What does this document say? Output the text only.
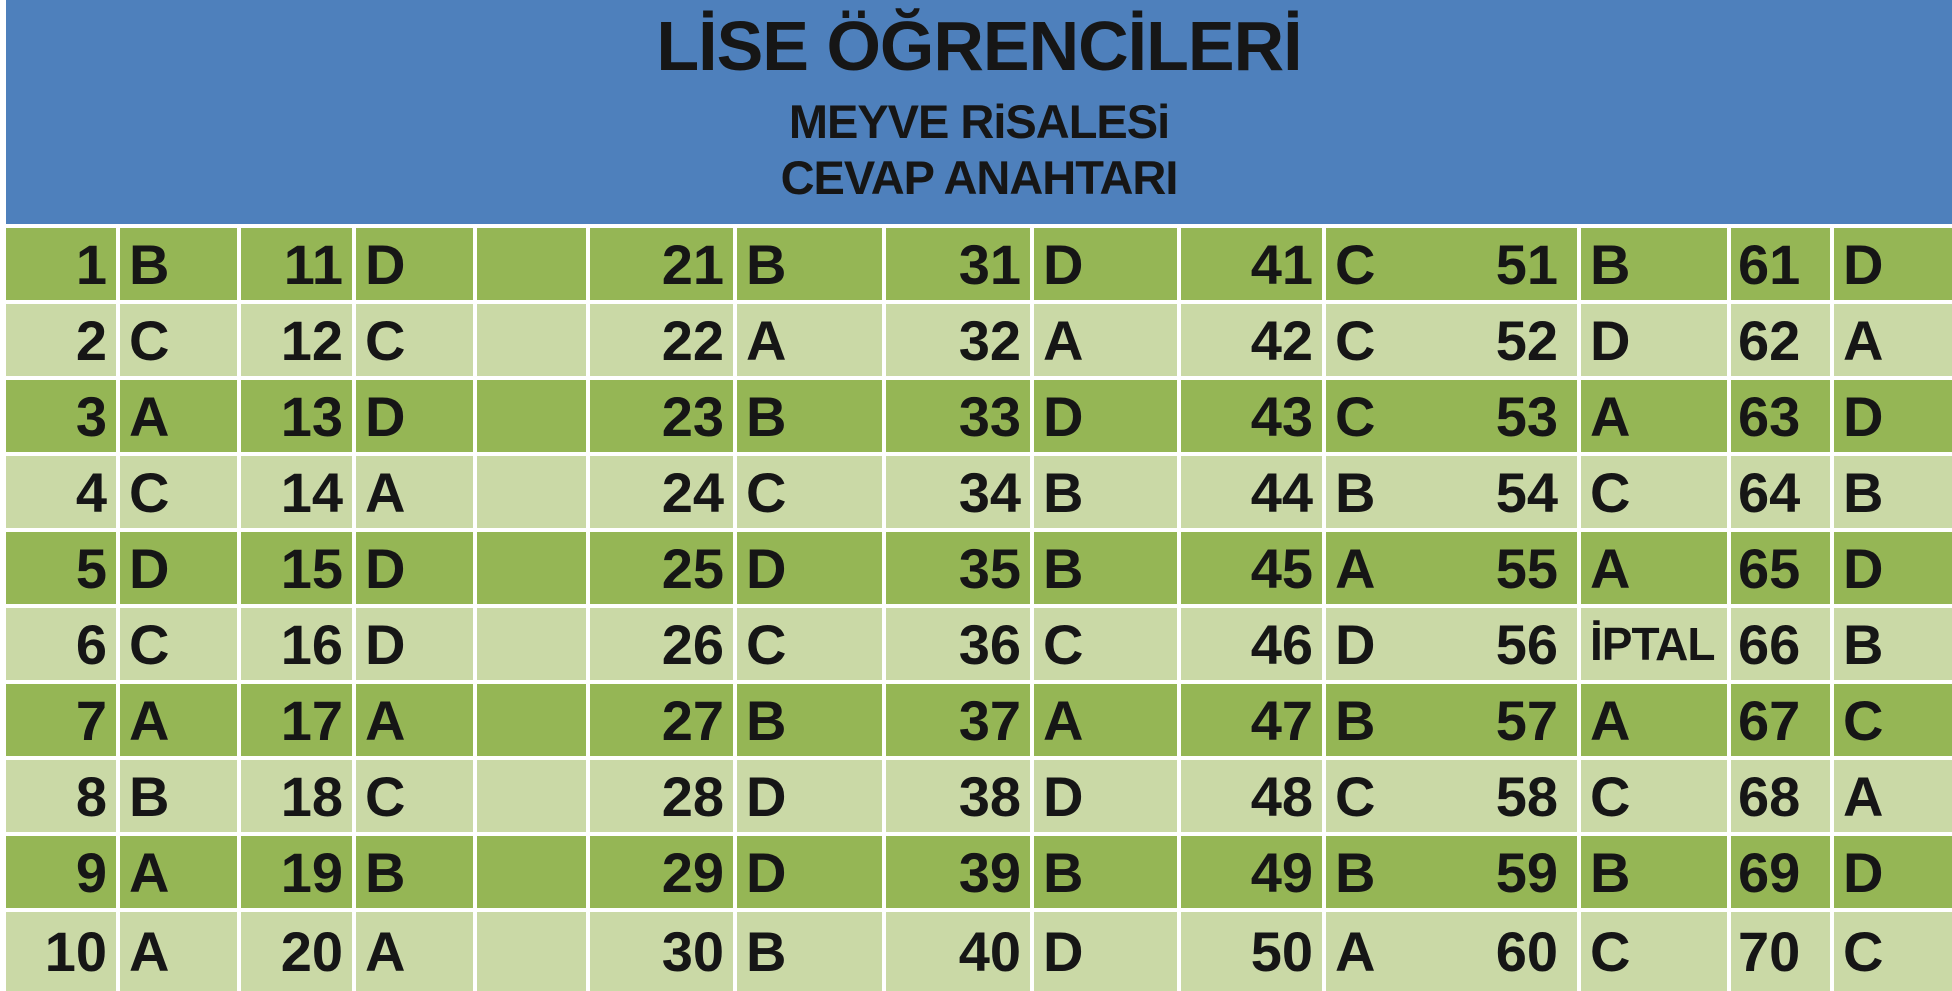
LİSE ÖĞRENCİLERİ
MEYVE RiSALESi
CEVAP ANAHTARI
1 B	11 D	21 B	31 D	41 C 51 B 61 D
2 C	12 C	22 A	32 A	42 C 52 D 62 A
3 A	13 D	23 B	33 D	43 C 53 A 63 D
4 C	14 A	24 C	34 B	44 B 54 C 64 B
5 D	15 D	25 D	35 B	45 A 55 A 65 D
6 C	16 D	26 C	36 C	46 D 56 İPTAL 66 B
7 A	17 A	27 B	37 A	47 B 57 A 67 C
8 B	18 C	28 D	38 D	48 C 58 C 68 A
9 A	19 B	29 D	39 B	49 B 59 B 69 D
10 A	20 A	30 B	40 D	50 A 60 C 70 C
